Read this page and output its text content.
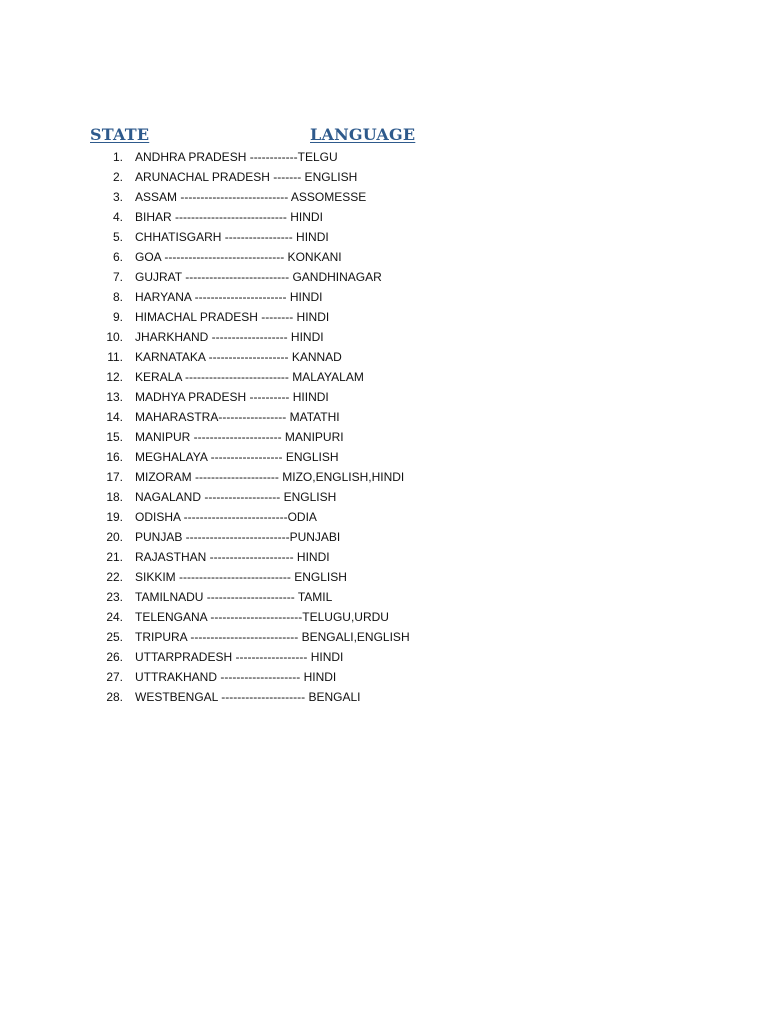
STATE	LANGUAGE
1. ANDHRA PRADESH ------------TELGU
2. ARUNACHAL PRADESH ------- ENGLISH
3. ASSAM --------------------------- ASSOMESSE
4. BIHAR ---------------------------- HINDI
5. CHHATISGARH ----------------- HINDI
6. GOA ------------------------------ KONKANI
7. GUJRAT -------------------------- GANDHINAGAR
8. HARYANA ----------------------- HINDI
9. HIMACHAL PRADESH -------- HINDI
10. JHARKHAND ------------------- HINDI
11. KARNATAKA -------------------- KANNAD
12. KERALA -------------------------- MALAYALAM
13. MADHYA PRADESH ---------- HIINDI
14. MAHARASTRA----------------- MATATHI
15. MANIPUR ---------------------- MANIPURI
16. MEGHALAYA ------------------ ENGLISH
17. MIZORAM --------------------- MIZO,ENGLISH,HINDI
18. NAGALAND ------------------- ENGLISH
19. ODISHA --------------------------ODIA
20. PUNJAB --------------------------PUNJABI
21. RAJASTHAN --------------------- HINDI
22. SIKKIM ---------------------------- ENGLISH
23. TAMILNADU ---------------------- TAMIL
24. TELENGANA -----------------------TELUGU,URDU
25. TRIPURA --------------------------- BENGALI,ENGLISH
26. UTTARPRADESH ------------------ HINDI
27. UTTRAKHAND -------------------- HINDI
28. WESTBENGAL --------------------- BENGALI
